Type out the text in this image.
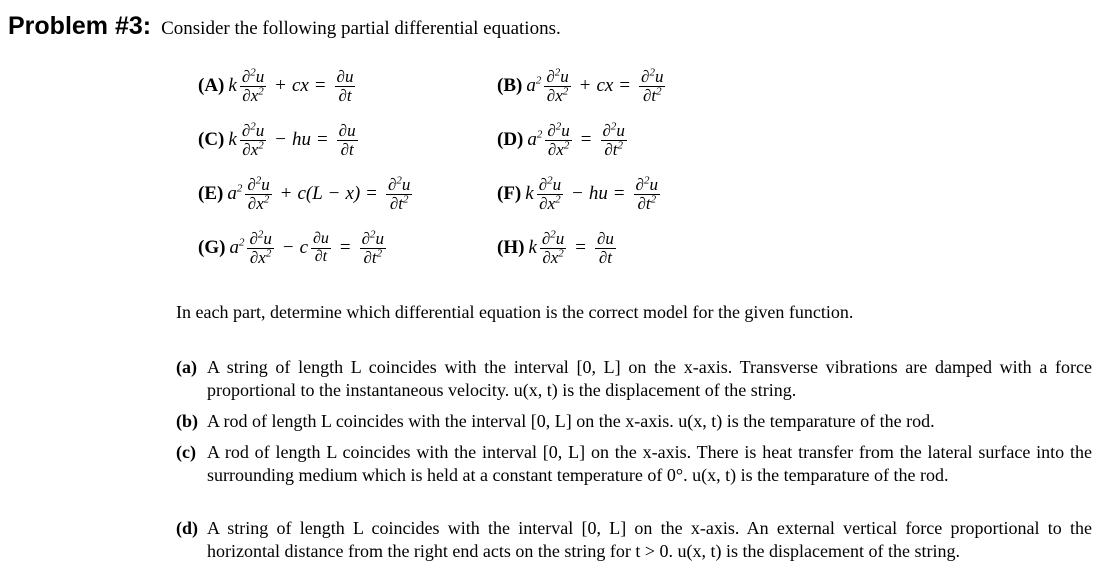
Problem #3: Consider the following partial differential equations.
(A) k $\frac{\partial^2u}{\partial x^2}$ + cx = $\frac{\partial u}{\partial t}$	(B) $a^2 \frac{\partial^2u}{\partial x^2}$ + cx = $\frac{\partial^2u}{\partial t^2}$
(C) k $\frac{\partial^2u}{\partial x^2}$ − hu = $\frac{\partial u}{\partial t}$	(D) $a^2 \frac{\partial^2u}{\partial x^2} = \frac{\partial^2u}{\partial t^2}$
(E) $a^2 \frac{\partial^2u}{\partial x^2} + c(L - x) = \frac{\partial^2u}{\partial t^2}$	(F) k $\frac{\partial^2u}{\partial x^2}$ − hu = $\frac{\partial^2u}{\partial t^2}$
(G) $a^2 \frac{\partial^2u}{\partial x^2} - c \frac{\partial u}{\partial t} = \frac{\partial^2u}{\partial t^2}$	(H) k $\frac{\partial^2u}{\partial x^2} = \frac{\partial u}{\partial t}$
In each part, determine which differential equation is the correct model for the given function.
(a) A string of length L coincides with the interval [0, L] on the x-axis. Transverse vibrations are damped with a force proportional to the instantaneous velocity. u(x, t) is the displacement of the string.
(b) A rod of length L coincides with the interval [0, L] on the x-axis. u(x, t) is the temparature of the rod.
(c) A rod of length L coincides with the interval [0, L] on the x-axis. There is heat transfer from the lateral surface into the surrounding medium which is held at a constant temperature of 0°. u(x, t) is the temparature of the rod.
(d) A string of length L coincides with the interval [0, L] on the x-axis. An external vertical force proportional to the horizontal distance from the right end acts on the string for t > 0. u(x, t) is the displacement of the string.
